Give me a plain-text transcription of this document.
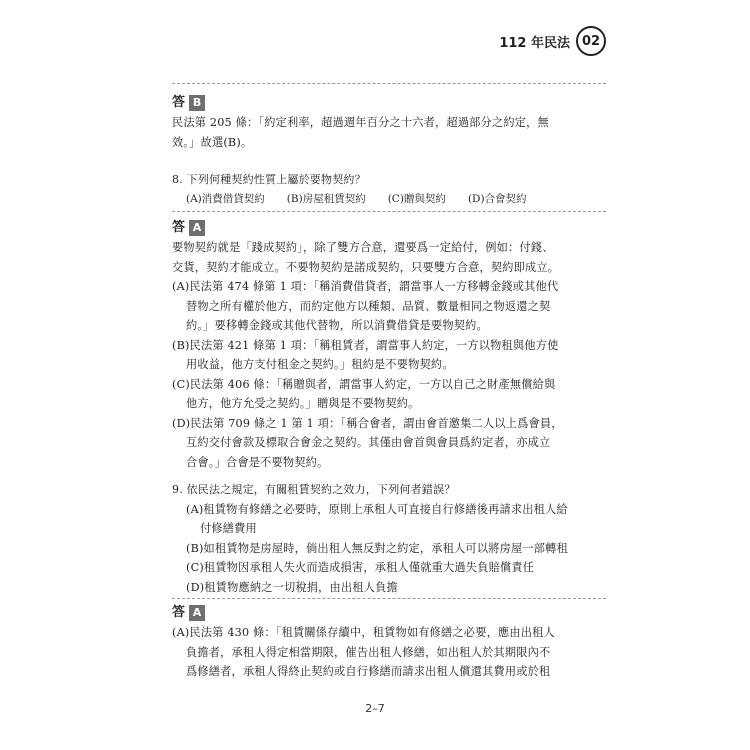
112 年民法 02
答 B

民法第 205 條：「約定利率，超過週年百分之十六者，超過部分之約定，無

效。」故選(B)。

8. 下列何種契約性質上屬於要物契約？

(A)消費借貸契約 (B)房屋租賃契約 (C)贈與契約 (D)合會契約
答 A

要物契約就是「踐成契約」，除了雙方合意，還要爲一定給付，例如：付錢、

交貨，契約才能成立。不要物契約是諾成契約，只要雙方合意，契約即成立。

(A)民法第 474 條第 1 項：「稱消費借貸者，謂當事人一方移轉金錢或其他代

替物之所有權於他方，而約定他方以種類、品質、數量相同之物返還之契

約。」要移轉金錢或其他代替物，所以消費借貸是要物契約。

(B)民法第 421 條第 1 項：「稱租賃者，謂當事人約定，一方以物租與他方使

用收益，他方支付租金之契約。」租約是不要物契約。

(C)民法第 406 條：「稱贈與者，謂當事人約定，一方以自己之財產無償給與

他方，他方允受之契約。」贈與是不要物契約。

(D)民法第 709 條之 1 第 1 項：「稱合會者，謂由會首邀集二人以上爲會員，

互約交付會款及標取合會金之契約。其僅由會首與會員爲約定者，亦成立

合會。」合會是不要物契約。

9. 依民法之規定，有關租賃契約之效力，下列何者錯誤？

(A)租賃物有修繕之必要時，原則上承租人可直接自行修繕後再請求出租人給

付修繕費用

(B)如租賃物是房屋時，倘出租人無反對之約定，承租人可以將房屋一部轉租

(C)租賃物因承租人失火而造成損害，承租人僅就重大過失負賠償責任

(D)租賃物應納之一切稅捐，由出租人負擔

答 A

(A)民法第 430 條：「租賃關係存續中，租賃物如有修繕之必要，應由出租人

負擔者，承租人得定相當期限，催告出租人修繕，如出租人於其期限內不

爲修繕者，承租人得終止契約或自行修繕而請求出租人償還其費用或於租

2–7
